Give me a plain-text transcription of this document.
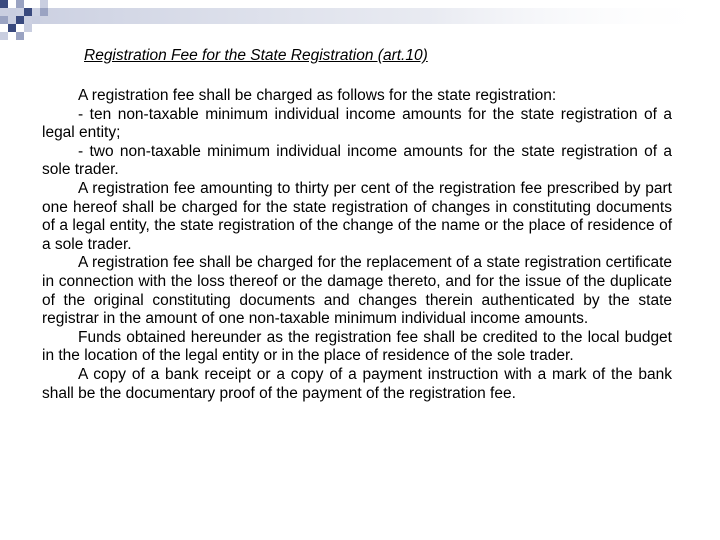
Registration Fee for the State Registration (art.10)

A registration fee shall be charged as follows for the state registration:

- ten non-taxable minimum individual income amounts for the state registration of a legal entity;

- two non-taxable minimum individual income amounts for the state registration of a sole trader.

A registration fee amounting to thirty per cent of the registration fee prescribed by part one hereof shall be charged for the state registration of changes in constituting documents of a legal entity, the state registration of the change of the name or the place of residence of a sole trader.

A registration fee shall be charged for the replacement of a state registration certificate in connection with the loss thereof or the damage thereto, and for the issue of the duplicate of the original constituting documents and changes therein authenticated by the state registrar in the amount of one non-taxable minimum individual income amounts.

Funds obtained hereunder as the registration fee shall be credited to the local budget in the location of the legal entity or in the place of residence of the sole trader.

A copy of a bank receipt or a copy of a payment instruction with a mark of the bank shall be the documentary proof of the payment of the registration fee.
